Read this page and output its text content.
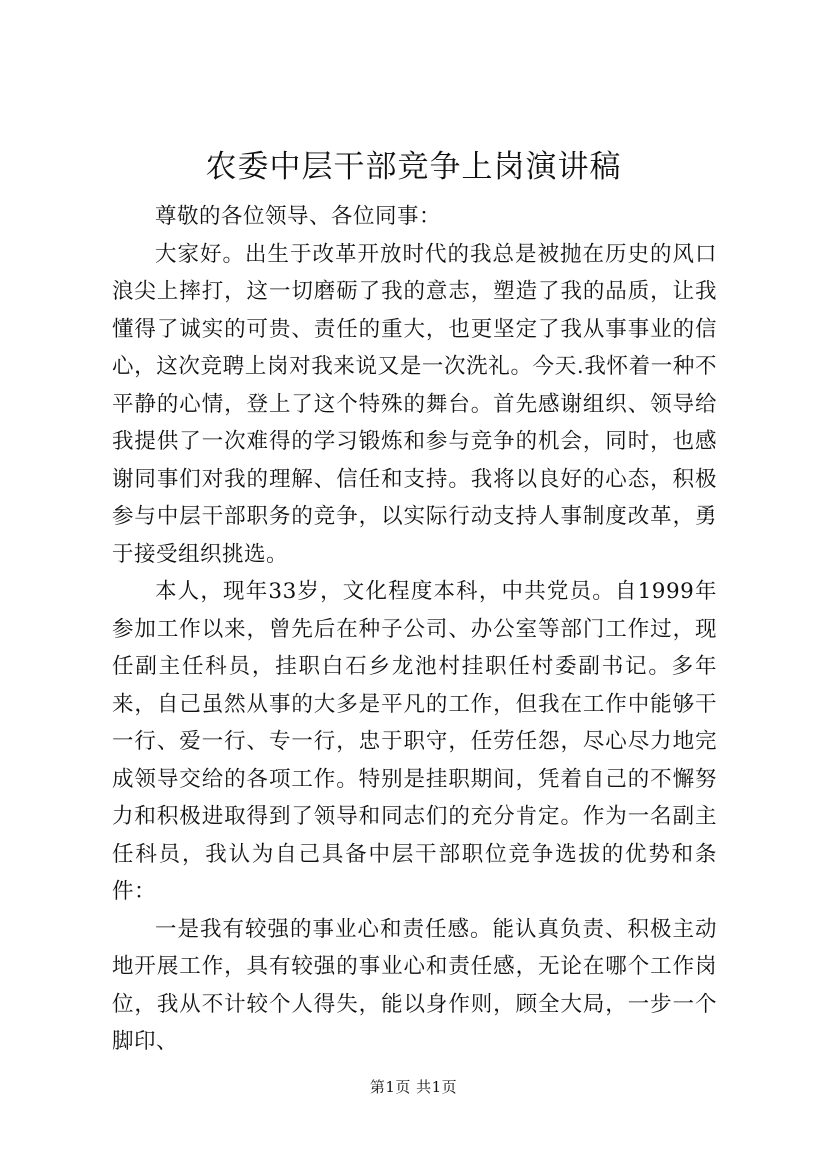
农委中层干部竞争上岗演讲稿

尊敬的各位领导、各位同事：

大家好。出生于改革开放时代的我总是被抛在历史的风口浪尖上摔打，这一切磨砺了我的意志，塑造了我的品质，让我懂得了诚实的可贵、责任的重大，也更坚定了我从事事业的信心，这次竞聘上岗对我来说又是一次洗礼。今天.我怀着一种不平静的心情，登上了这个特殊的舞台。首先感谢组织、领导给我提供了一次难得的学习锻炼和参与竞争的机会，同时，也感谢同事们对我的理解、信任和支持。我将以良好的心态，积极参与中层干部职务的竞争，以实际行动支持人事制度改革，勇于接受组织挑选。

本人，现年33岁，文化程度本科，中共党员。自1999年参加工作以来，曾先后在种子公司、办公室等部门工作过，现任副主任科员，挂职白石乡龙池村挂职任村委副书记。多年来，自己虽然从事的大多是平凡的工作，但我在工作中能够干一行、爱一行、专一行，忠于职守，任劳任怨，尽心尽力地完成领导交给的各项工作。特别是挂职期间，凭着自己的不懈努力和积极进取得到了领导和同志们的充分肯定。作为一名副主任科员，我认为自己具备中层干部职位竞争选拔的优势和条件：

一是我有较强的事业心和责任感。能认真负责、积极主动地开展工作，具有较强的事业心和责任感，无论在哪个工作岗位，我从不计较个人得失，能以身作则，顾全大局，一步一个脚印、

第1页 共1页
